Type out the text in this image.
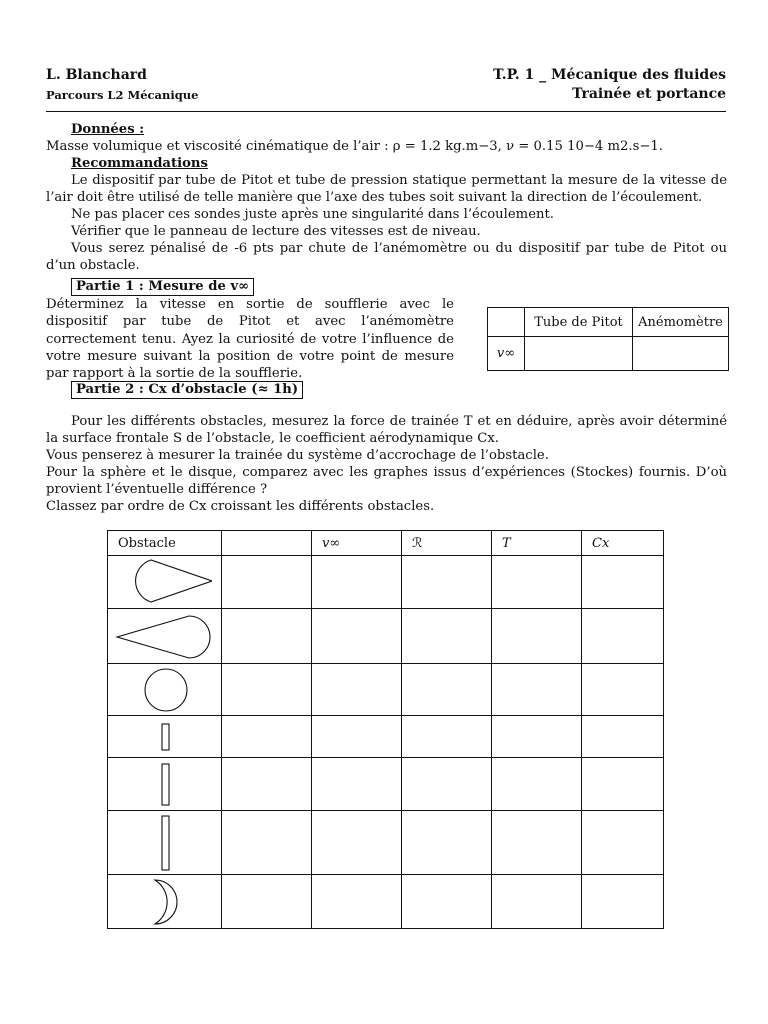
L. Blanchard
Parcours L2 Mécanique
T.P. 1 _ Mécanique des fluides
Trainée et portance
Données :
Masse volumique et viscosité cinématique de l’air : ρ = 1.2 kg.m−3, ν = 0.15 10−4 m2.s−1.
Recommandations
Le dispositif par tube de Pitot et tube de pression statique permettant la mesure de la vitesse de l’air doit être utilisé de telle manière que l’axe des tubes soit suivant la direction de l’écoulement.
Ne pas placer ces sondes juste après une singularité dans l’écoulement.
Vérifier que le panneau de lecture des vitesses est de niveau.
Vous serez pénalisé de -6 pts par chute de l’anémomètre ou du dispositif par tube de Pitot ou d’un obstacle.
Partie 1 : Mesure de v∞
Déterminez la vitesse en sortie de soufflerie avec le dispositif par tube de Pitot et avec l’anémomètre correctement tenu. Ayez la curiosité de votre l’influence de votre mesure suivant la position de votre point de mesure par rapport à la sortie de la soufflerie.
	Tube de Pitot	Anémomètre
v∞		
Partie 2 : Cx d’obstacle (≈ 1h)
Pour les différents obstacles, mesurez la force de trainée T et en déduire, après avoir déterminé la surface frontale S de l’obstacle, le coefficient aérodynamique Cx.
Vous penserez à mesurer la trainée du système d’accrochage de l’obstacle.
Pour la sphère et le disque, comparez avec les graphes issus d’expériences (Stockes) fournis. D’où provient l’éventuelle différence ?
Classez par ordre de Cx croissant les différents obstacles.
Obstacle		v∞	ℛ	T	Cx
